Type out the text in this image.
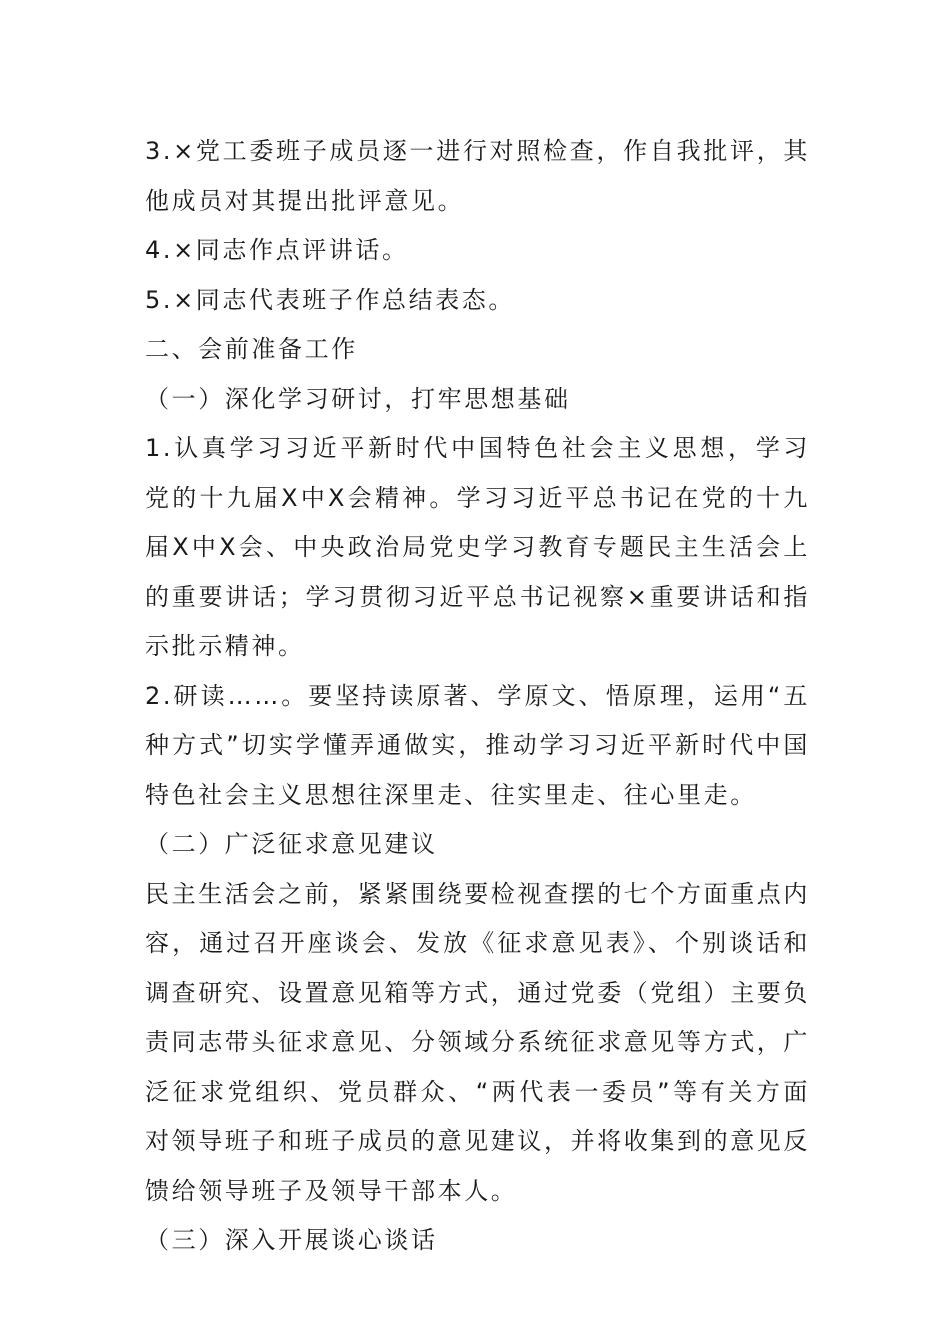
3.×党工委班子成员逐一进行对照检查，作自我批评，其他成员对其提出批评意见。

4.×同志作点评讲话。

5.×同志代表班子作总结表态。

二、会前准备工作

（一）深化学习研讨，打牢思想基础

1.认真学习习近平新时代中国特色社会主义思想，学习党的十九届X中X会精神。学习习近平总书记在党的十九届X中X会、中央政治局党史学习教育专题民主生活会上的重要讲话；学习贯彻习近平总书记视察×重要讲话和指示批示精神。

2.研读……。要坚持读原著、学原文、悟原理，运用“五种方式”切实学懂弄通做实，推动学习习近平新时代中国特色社会主义思想往深里走、往实里走、往心里走。

（二）广泛征求意见建议

民主生活会之前，紧紧围绕要检视查摆的七个方面重点内容，通过召开座谈会、发放《征求意见表》、个别谈话和调查研究、设置意见箱等方式，通过党委（党组）主要负责同志带头征求意见、分领域分系统征求意见等方式，广泛征求党组织、党员群众、“两代表一委员”等有关方面对领导班子和班子成员的意见建议，并将收集到的意见反馈给领导班子及领导干部本人。

（三）深入开展谈心谈话
